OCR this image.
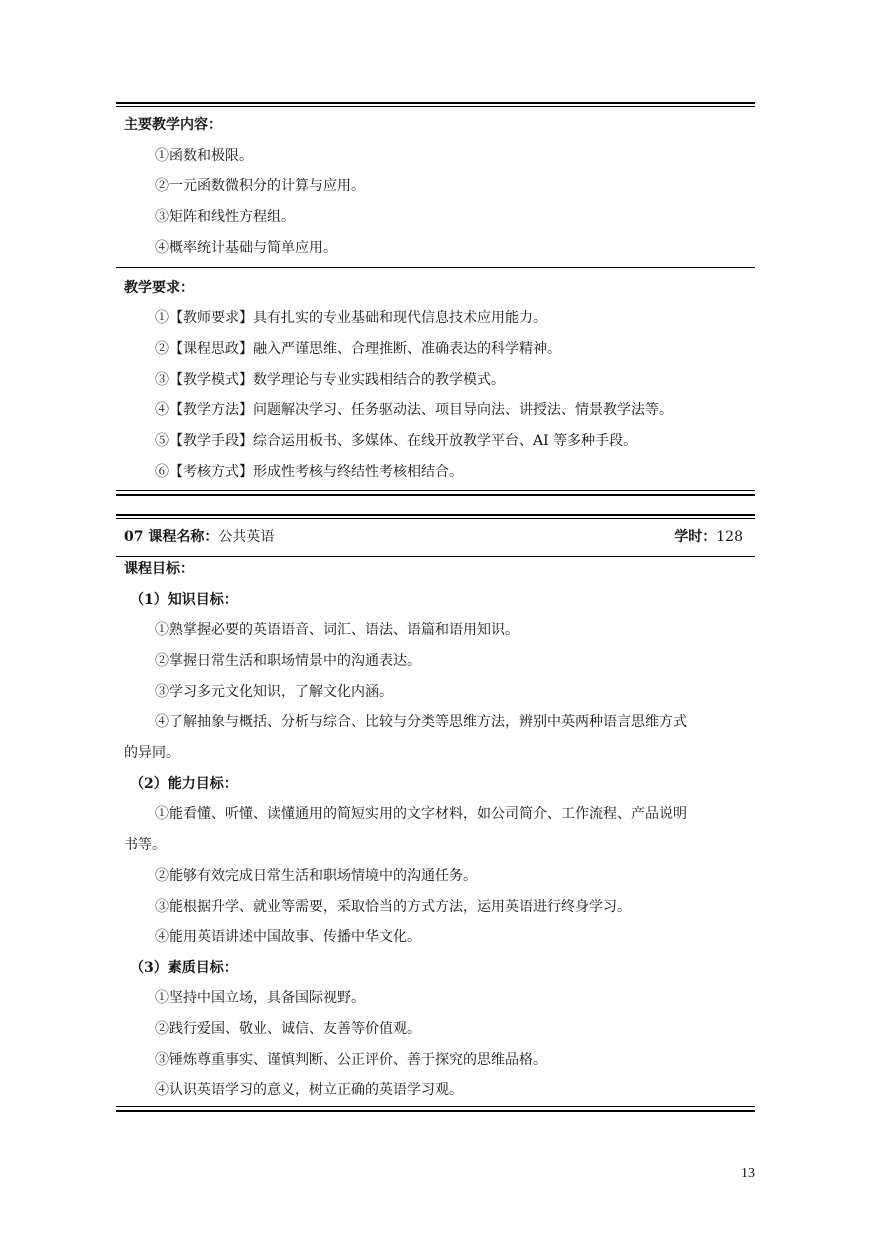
主要教学内容：
①函数和极限。
②一元函数微积分的计算与应用。
③矩阵和线性方程组。
④概率统计基础与简单应用。
教学要求：
①【教师要求】具有扎实的专业基础和现代信息技术应用能力。
②【课程思政】融入严谨思维、合理推断、准确表达的科学精神。
③【教学模式】数学理论与专业实践相结合的教学模式。
④【教学方法】问题解决学习、任务驱动法、项目导向法、讲授法、情景教学法等。
⑤【教学手段】综合运用板书、多媒体、在线开放教学平台、AI 等多种手段。
⑥【考核方式】形成性考核与终结性考核相结合。
07 课程名称：公共英语	学时：128
课程目标：
（1）知识目标：
①熟掌握必要的英语语音、词汇、语法、语篇和语用知识。
②掌握日常生活和职场情景中的沟通表达。
③学习多元文化知识，了解文化内涵。
④了解抽象与概括、分析与综合、比较与分类等思维方法，辨别中英两种语言思维方式
的异同。
（2）能力目标：
①能看懂、听懂、读懂通用的简短实用的文字材料，如公司简介、工作流程、产品说明
书等。
②能够有效完成日常生活和职场情境中的沟通任务。
③能根据升学、就业等需要，采取恰当的方式方法，运用英语进行终身学习。
④能用英语讲述中国故事、传播中华文化。
（3）素质目标：
①坚持中国立场，具备国际视野。
②践行爱国、敬业、诚信、友善等价值观。
③锤炼尊重事实、谨慎判断、公正评价、善于探究的思维品格。
④认识英语学习的意义，树立正确的英语学习观。
13
